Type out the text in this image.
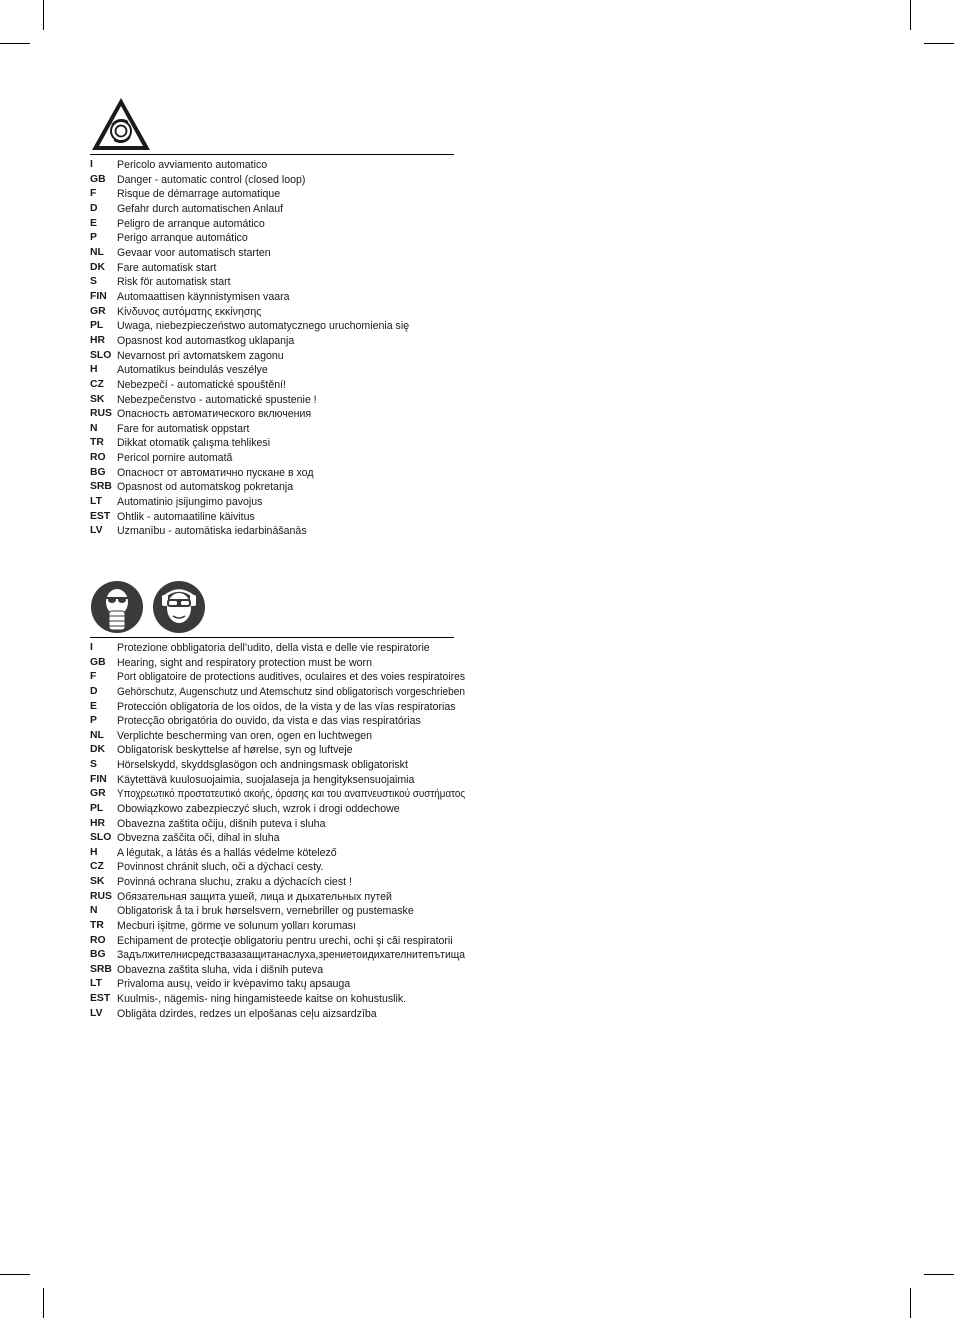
I	Pericolo avviamento automatico
GB	Danger - automatic control (closed loop)
F	Risque de démarrage automatique
D	Gefahr durch automatischen Anlauf
E	Peligro de arranque automático
P	Perigo arranque automático
NL	Gevaar voor automatisch starten
DK	Fare automatisk start
S	Risk för automatisk start
FIN Automaattisen käynnistymisen vaara
GR	Κίνδυνος αυτόματης εκκίνησης
PL	Uwaga, niebezpieczeństwo automatycznego uruchomienia się
HR	Opasnost kod automastkog uklapanja
SLO Nevarnost pri avtomatskem zagonu
H	Automatikus beindulás veszélye
CZ	Nebezpečí - automatické spouštění!
SK	Nebezpečenstvo - automatické spustenie !
RUS Опасность автоматического включения
N	Fare for automatisk oppstart
TR	Dikkat otomatik çalışma tehlikesi
RO	Pericol pornire automată
BG	Опасност от автоматично пускане в ход
SRB Opasnost od automatskog pokretanja
LT	Automatinio įsijungimo pavojus
EST Ohtlik - automaatiline käivitus
LV	Uzmanību - automātiska iedarbināšanās
I	Protezione obbligatoria dell’udito, della vista e delle vie respiratorie
GB	Hearing, sight and respiratory protection must be worn
F	Port obligatoire de protections auditives, oculaires et des voies respiratoires
D	Gehörschutz, Augenschutz und Atemschutz sind obligatorisch vorgeschrieben
E	Protección obligatoria de los oídos, de la vista y de las vías respiratorias
P	Protecção obrigatória do ouvido, da vista e das vias respiratórias
NL	Verplichte bescherming van oren, ogen en luchtwegen
DK	Obligatorisk beskyttelse af hørelse, syn og luftveje
S	Hörselskydd, skyddsglasögon och andningsmask obligatoriskt
FIN Käytettävä kuulosuojaimia, suojalaseja ja hengityksensuojaimia
GR	Υποχρεωτικό προστατευτικό ακοής, όρασης και του αναπνευστικού συστήματος
PL	Obowiązkowo zabezpieczyć słuch, wzrok i drogi oddechowe
HR	Obavezna zaštita očiju, dišnih puteva i sluha
SLO Obvezna zaščita oči, dihal in sluha
H	A légutak, a látás és a hallás védelme kötelező
CZ	Povinnost chránit sluch, oči a dýchací cesty.
SK	Povinná ochrana sluchu, zraku a dýchacích ciest !
RUS Обязательная защита ушей, лица и дыхательных путей
N	Obligatorisk å ta i bruk hørselsvern, vernebriller og pustemaske
TR	Mecburi işitme, görme ve solunum yolları koruması
RO	Echipament de protecţie obligatoriu pentru urechi, ochi şi căi respiratorii
BG	Задължителнисредствазазащитанаслуха,зрениетоидихателнитепътища
SRB Obavezna zaštita sluha, vida i dišnih puteva
LT	Privaloma ausų, veido ir kvėpavimo takų apsauga
EST Kuulmis-, nägemis- ning hingamisteede kaitse on kohustuslik.
LV	Obligāta dzirdes, redzes un elpošanas ceļu aizsardzība
